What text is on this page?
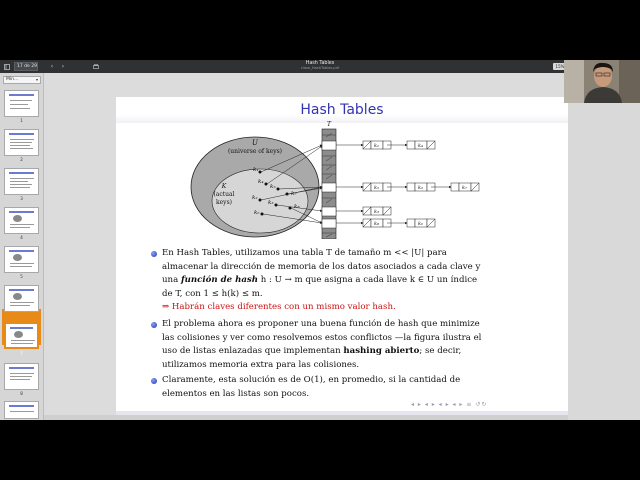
17 de 29 ‹ ›	Hash Tables
clase_HashTables.pdf	15%
Min...	▾
1
2
3
4
5
7
8
Hash Tables
U
(universe of keys)
K
(actual
keys)
k₁
k₄
k₅
k₂
k₇
k₃
k₈
k₆
T
k₁	k₄
k₅	k₂	k₇
k₃
k₈	k₆
En Hash Tables, utilizamos una tabla T de tamaño m << |U| para
almacenar la dirección de memoria de los datos asociados a cada clave y
una función de hash h : U → m que asigna a cada llave k ∈ U un índice
de T, con 1 ≤ h(k) ≤ m.
⇒ Habrán claves diferentes con un mismo valor hash.
El problema ahora es proponer una buena función de hash que minimize
las colisiones y ver como resolvemos estos conflictos —la figura ilustra el
uso de listas enlazadas que implementan hashing abierto; se decir,
utilizamos memoria extra para las colisiones.
Claramente, esta solución es de O(1), en promedio, si la cantidad de
elementos en las listas son pocos.
◂ ▸ ◂ ▸ ◂ ▸ ◂ ▸ ≡ ↺↻
